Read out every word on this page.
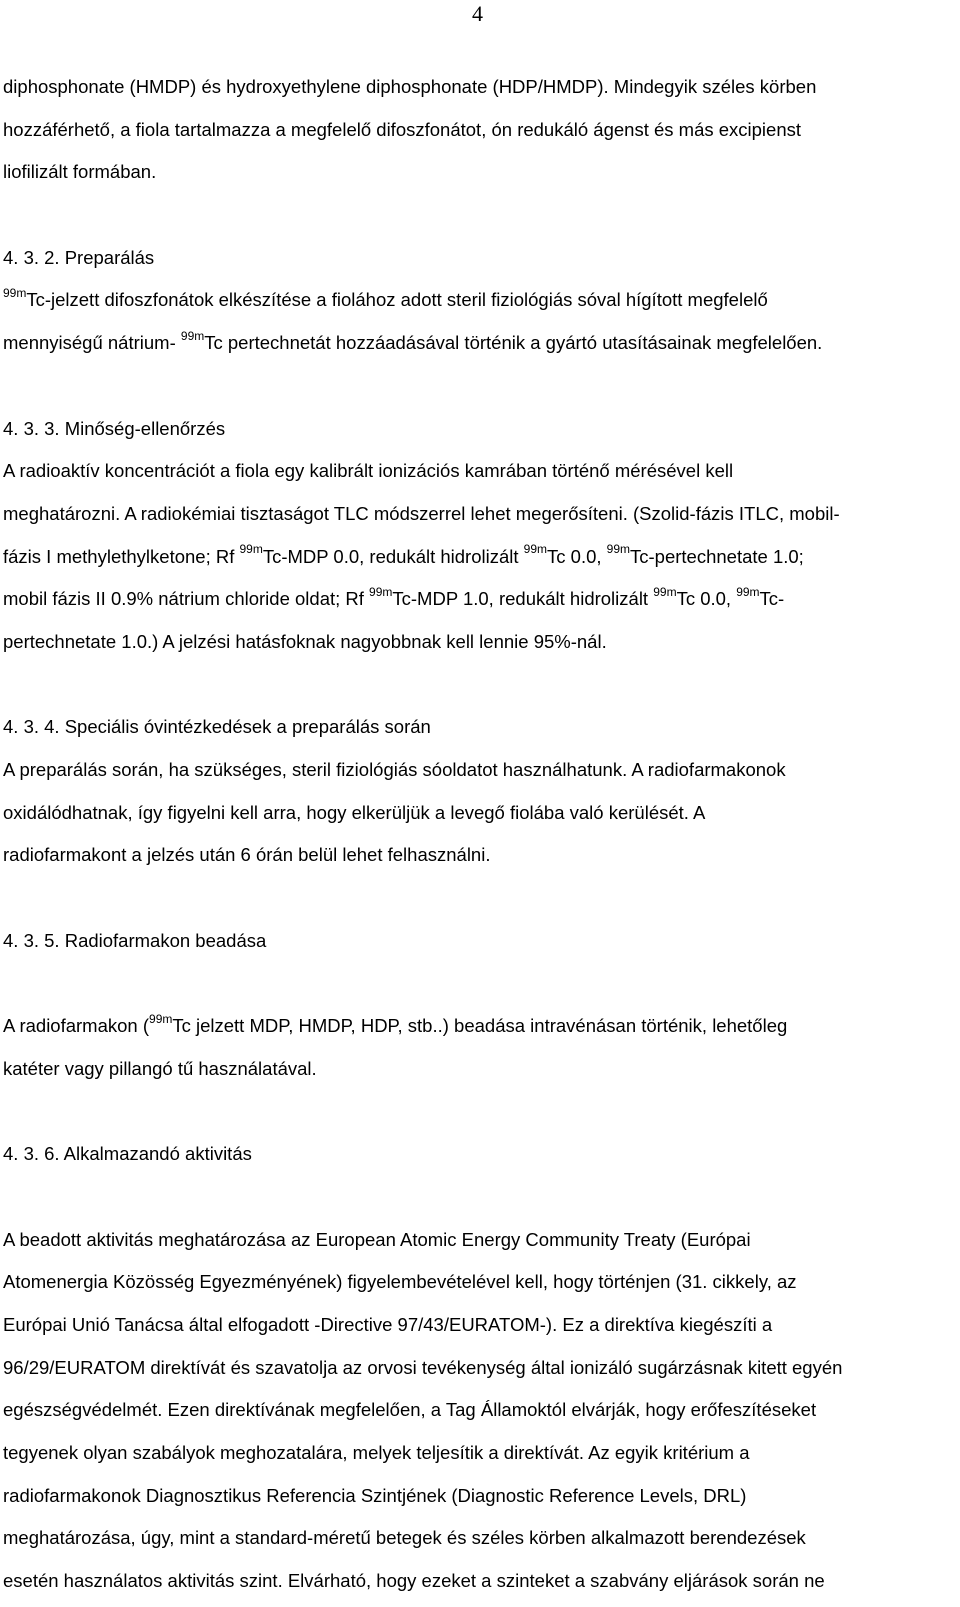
4
diphosphonate (HMDP) és hydroxyethylene diphosphonate (HDP/HMDP). Mindegyik széles körben
hozzáférhető, a fiola tartalmazza a megfelelő difoszfonátot, ón redukáló ágenst és más excipienst
liofilizált formában.
4. 3. 2. Preparálás
$^{99m}$Tc-jelzett difoszfonátok elkészítése a fiolához adott steril fiziológiás sóval hígított megfelelő
mennyiségű nátrium- $^{99m}$Tc pertechnetát hozzáadásával történik a gyártó utasításainak megfelelően.
4. 3. 3. Minőség-ellenőrzés
A radioaktív koncentrációt a fiola egy kalibrált ionizációs kamrában történő mérésével kell
meghatározni. A radiokémiai tisztaságot TLC módszerrel lehet megerősíteni. (Szolid-fázis ITLC, mobil-
fázis I methylethylketone; Rf $^{99m}$Tc-MDP 0.0, redukált hidrolizált $^{99m}$Tc 0.0, $^{99m}$Tc-pertechnetate 1.0;
mobil fázis II 0.9% nátrium chloride oldat; Rf $^{99m}$Tc-MDP 1.0, redukált hidrolizált $^{99m}$Tc 0.0, $^{99m}$Tc-
pertechnetate 1.0.) A jelzési hatásfoknak nagyobbnak kell lennie 95%-nál.
4. 3. 4. Speciális óvintézkedések a preparálás során
A preparálás során, ha szükséges, steril fiziológiás sóoldatot használhatunk. A radiofarmakonok
oxidálódhatnak, így figyelni kell arra, hogy elkerüljük a levegő fiolába való kerülését. A
radiofarmakont a jelzés után 6 órán belül lehet felhasználni.
4. 3. 5. Radiofarmakon beadása
A radiofarmakon ($^{99m}$Tc jelzett MDP, HMDP, HDP, stb..) beadása intravénásan történik, lehetőleg
katéter vagy pillangó tű használatával.
4. 3. 6. Alkalmazandó aktivitás
A beadott aktivitás meghatározása az European Atomic Energy Community Treaty (Európai
Atomenergia Közösség Egyezményének) figyelembevételével kell, hogy történjen (31. cikkely, az
Európai Unió Tanácsa által elfogadott -Directive 97/43/EURATOM-). Ez a direktíva kiegészíti a
96/29/EURATOM direktívát és szavatolja az orvosi tevékenység által ionizáló sugárzásnak kitett egyén
egészségvédelmét. Ezen direktívának megfelelően, a Tag Államoktól elvárják, hogy erőfeszítéseket
tegyenek olyan szabályok meghozatalára, melyek teljesítik a direktívát. Az egyik kritérium a
radiofarmakonok Diagnosztikus Referencia Szintjének (Diagnostic Reference Levels, DRL)
meghatározása, úgy, mint a standard-méretű betegek és széles körben alkalmazott berendezések
esetén használatos aktivitás szint. Elvárható, hogy ezeket a szinteket a szabvány eljárások során ne
